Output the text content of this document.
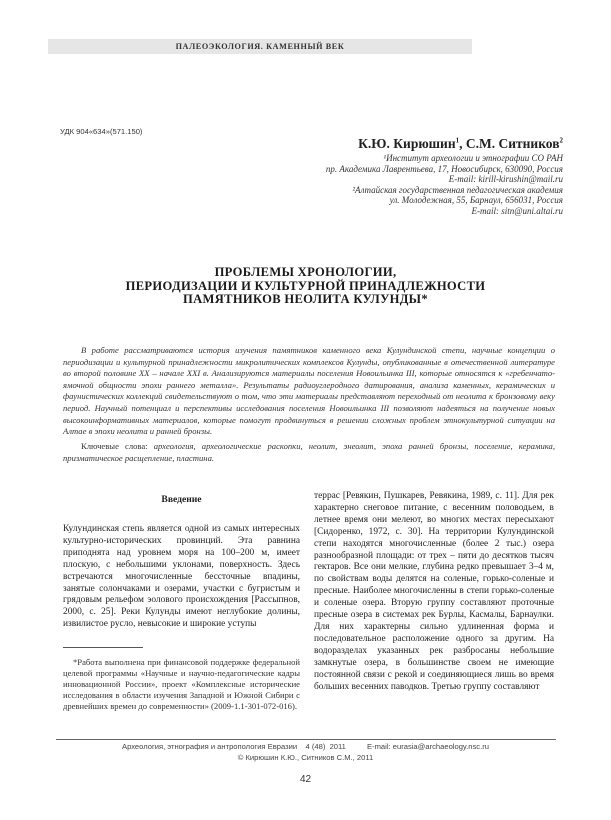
ПАЛЕОЭКОЛОГИЯ. КАМЕННЫЙ ВЕК
УДК 904«634»(571.150)
К.Ю. Кирюшин$^1$, С.М. Ситников$^2$
¹Институт археологии и этнографии СО РАН
пр. Академика Лаврентьева, 17, Новосибирск, 630090, Россия
E-mail: kirill-kirushin@mail.ru
²Алтайская государственная педагогическая академия
ул. Молодежная, 55, Барнаул, 656031, Россия
E-mail: sitn@uni.altai.ru
ПРОБЛЕМЫ ХРОНОЛОГИИ,
ПЕРИОДИЗАЦИИ И КУЛЬТУРНОЙ ПРИНАДЛЕЖНОСТИ
ПАМЯТНИКОВ НЕОЛИТА КУЛУНДЫ*
В работе рассматриваются история изучения памятников каменного века Кулундинской степи, научные концепции о периодизации и культурной принадлежности микролитических комплексов Кулунды, опубликованные в отечественной литературе во второй половине XX – начале XXI в. Анализируются материалы поселения Новоильинка III, которые относятся к «гребенчато-ямочной общности эпохи раннего металла». Результаты радиоуглеродного датирования, анализа каменных, керамических и фаунистических коллекций свидетельствуют о том, что эти материалы представляют переходный от неолита к бронзовому веку период. Научный потенциал и перспективы исследования поселения Новоильинка III позволяют надеяться на получение новых высокоинформативных материалов, которые помогут продвинуться в решении сложных проблем этнокультурной ситуации на Алтае в эпохи неолита и ранней бронзы.
Ключевые слова: археология, археологические раскопки, неолит, энеолит, эпоха ранней бронзы, поселение, керамика, призматическое расщепление, пластина.
Введение
Кулундинская степь является одной из самых интересных культурно-исторических провинций. Эта равнина приподнята над уровнем моря на 100–200 м, имеет плоскую, с небольшими уклонами, поверхность. Здесь встречаются многочисленные бессточные впадины, занятые солончаками и озерами, участки с бугристым и грядовым рельефом эолового происхождения [Рассыпнов, 2000, с. 25]. Реки Кулунды имеют неглубокие долины, извилистое русло, невысокие и широкие уступы
террас [Ревякин, Пушкарев, Ревякина, 1989, с. 11]. Для рек характерно снеговое питание, с весенним половодьем, в летнее время они мелеют, во многих местах пересыхают [Сидоренко, 1972, с. 30]. На территории Кулундинской степи находятся многочисленные (более 2 тыс.) озера разнообразной площади: от трех – пяти до десятков тысяч гектаров. Все они мелкие, глубина редко превышает 3–4 м, по свойствам воды делятся на соленые, горько-соленые и пресные. Наиболее многочисленны в степи горько-соленые и соленые озера. Вторую группу составляют проточные пресные озера в системах рек Бурлы, Касмалы, Барнаулки. Для них характерны сильно удлиненная форма и последовательное расположение одного за другим. На водоразделах указанных рек разбросаны небольшие замкнутые озера, в большинстве своем не имеющие постоянной связи с рекой и соединяющиеся лишь во время больших весенних паводков. Третью группу составляют
*Работа выполнена при финансовой поддержке федеральной целевой программы «Научные и научно-педагогические кадры инновационной России», проект «Комплексные исторические исследования в области изучения Западной и Южной Сибири с древнейших времен до современности» (2009-1.1-301-072-016).
Археология, этнография и антропология Евразии    4 (48)  2011          E-mail: eurasia@archaeology.nsc.ru
© Кирюшин К.Ю., Ситников С.М., 2011
42
